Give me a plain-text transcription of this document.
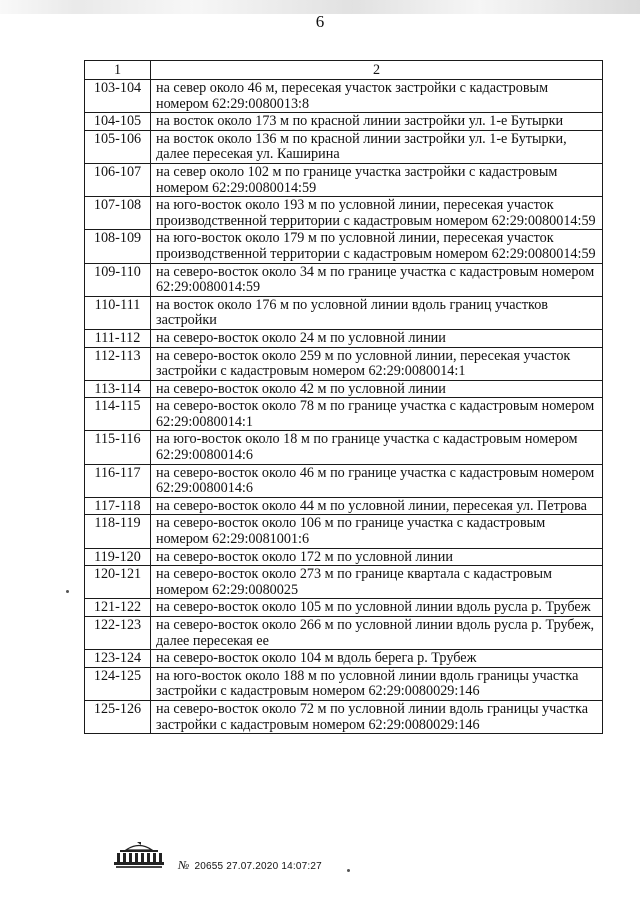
6
1	2
103-104	на север около 46 м, пересекая участок застройки с кадастровым номером 62:29:0080013:8
104-105	на восток около 173 м по красной линии застройки ул. 1-е Бутырки
105-106	на восток около 136 м по красной линии застройки ул. 1-е Бутырки, далее пересекая ул. Каширина
106-107	на север около 102 м по границе участка застройки с кадастровым номером 62:29:0080014:59
107-108	на юго-восток около 193 м по условной линии, пересекая участок производственной территории с кадастровым номером 62:29:0080014:59
108-109	на юго-восток около 179 м по условной линии, пересекая участок производственной территории с кадастровым номером 62:29:0080014:59
109-110	на северо-восток около 34 м по границе участка с кадастровым номером 62:29:0080014:59
110-111	на восток около 176 м по условной линии вдоль границ участков застройки
111-112	на северо-восток около 24 м по условной линии
112-113	на северо-восток около 259 м по условной линии, пересекая участок застройки с кадастровым номером 62:29:0080014:1
113-114	на северо-восток около 42 м по условной линии
114-115	на северо-восток около 78 м по границе участка с кадастровым номером 62:29:0080014:1
115-116	на юго-восток около 18 м по границе участка с кадастровым номером 62:29:0080014:6
116-117	на северо-восток около 46 м по границе участка с кадастровым номером 62:29:0080014:6
117-118	на северо-восток около 44 м по условной линии, пересекая ул. Петрова
118-119	на северо-восток около 106 м по границе участка с кадастровым номером 62:29:0081001:6
119-120	на северо-восток около 172 м по условной линии
120-121	на северо-восток около 273 м по границе квартала с кадастровым номером 62:29:0080025
121-122	на северо-восток около 105 м по условной линии вдоль русла р. Трубеж
122-123	на северо-восток около 266 м по условной линии вдоль русла р. Трубеж, далее пересекая ее
123-124	на северо-восток около 104 м вдоль берега р. Трубеж
124-125	на юго-восток около 188 м по условной линии вдоль границы участка застройки с кадастровым номером 62:29:0080029:146
125-126	на северо-восток около 72 м по условной линии вдоль границы участка застройки с кадастровым номером 62:29:0080029:146
№ 20655 27.07.2020 14:07:27
